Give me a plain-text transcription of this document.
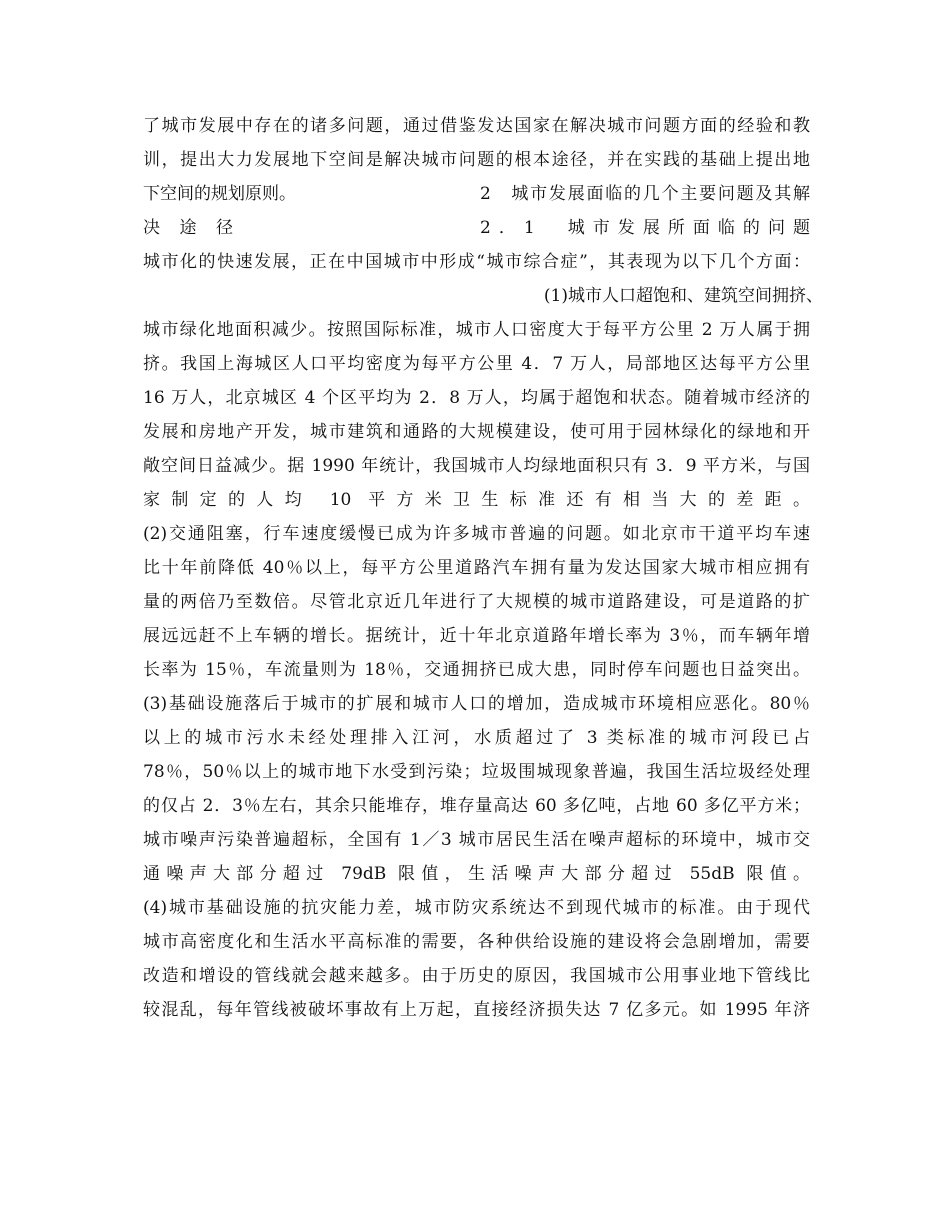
了城市发展中存在的诸多问题，通过借鉴发达国家在解决城市问题方面的经验和教
训，提出大力发展地下空间是解决城市问题的根本途径，并在实践的基础上提出地
下空间的规划原则。	2　城市发展面临的几个主要问题及其解
决途径	2．1　城市发展所面临的问题
城市化的快速发展，正在中国城市中形成“城市综合症”，其表现为以下几个方面：
(1)城市人口超饱和、建筑空间拥挤、
城市绿化地面积减少。按照国际标准，城市人口密度大于每平方公里 2 万人属于拥
挤。我国上海城区人口平均密度为每平方公里 4．7 万人，局部地区达每平方公里
16 万人，北京城区 4 个区平均为 2．8 万人，均属于超饱和状态。随着城市经济的
发展和房地产开发，城市建筑和通路的大规模建设，使可用于园林绿化的绿地和开
敞空间日益减少。据 1990 年统计，我国城市人均绿地面积只有 3．9 平方米，与国
家制定的人均 10 平方米卫生标准还有相当大的差距。
(2)交通阻塞，行车速度缓慢已成为许多城市普遍的问题。如北京市干道平均车速
比十年前降低 40％以上，每平方公里道路汽车拥有量为发达国家大城市相应拥有
量的两倍乃至数倍。尽管北京近几年进行了大规模的城市道路建设，可是道路的扩
展远远赶不上车辆的增长。据统计，近十年北京道路年增长率为 3％，而车辆年增
长率为 15％，车流量则为 18％，交通拥挤已成大患，同时停车问题也日益突出。
(3)基础设施落后于城市的扩展和城市人口的增加，造成城市环境相应恶化。80％
以上的城市污水未经处理排入江河，水质超过了 3 类标准的城市河段已占
78％，50％以上的城市地下水受到污染；垃圾围城现象普遍，我国生活垃圾经处理
的仅占 2．3％左右，其余只能堆存，堆存量高达 60 多亿吨，占地 60 多亿平方米；
城市噪声污染普遍超标，全国有 1／3 城市居民生活在噪声超标的环境中，城市交
通噪声大部分超过 79dB 限值，生活噪声大部分超过 55dB 限值。
(4)城市基础设施的抗灾能力差，城市防灾系统达不到现代城市的标准。由于现代
城市高密度化和生活水平高标准的需要，各种供给设施的建设将会急剧增加，需要
改造和增设的管线就会越来越多。由于历史的原因，我国城市公用事业地下管线比
较混乱，每年管线被破坏事故有上万起，直接经济损失达 7 亿多元。如 1995 年济
